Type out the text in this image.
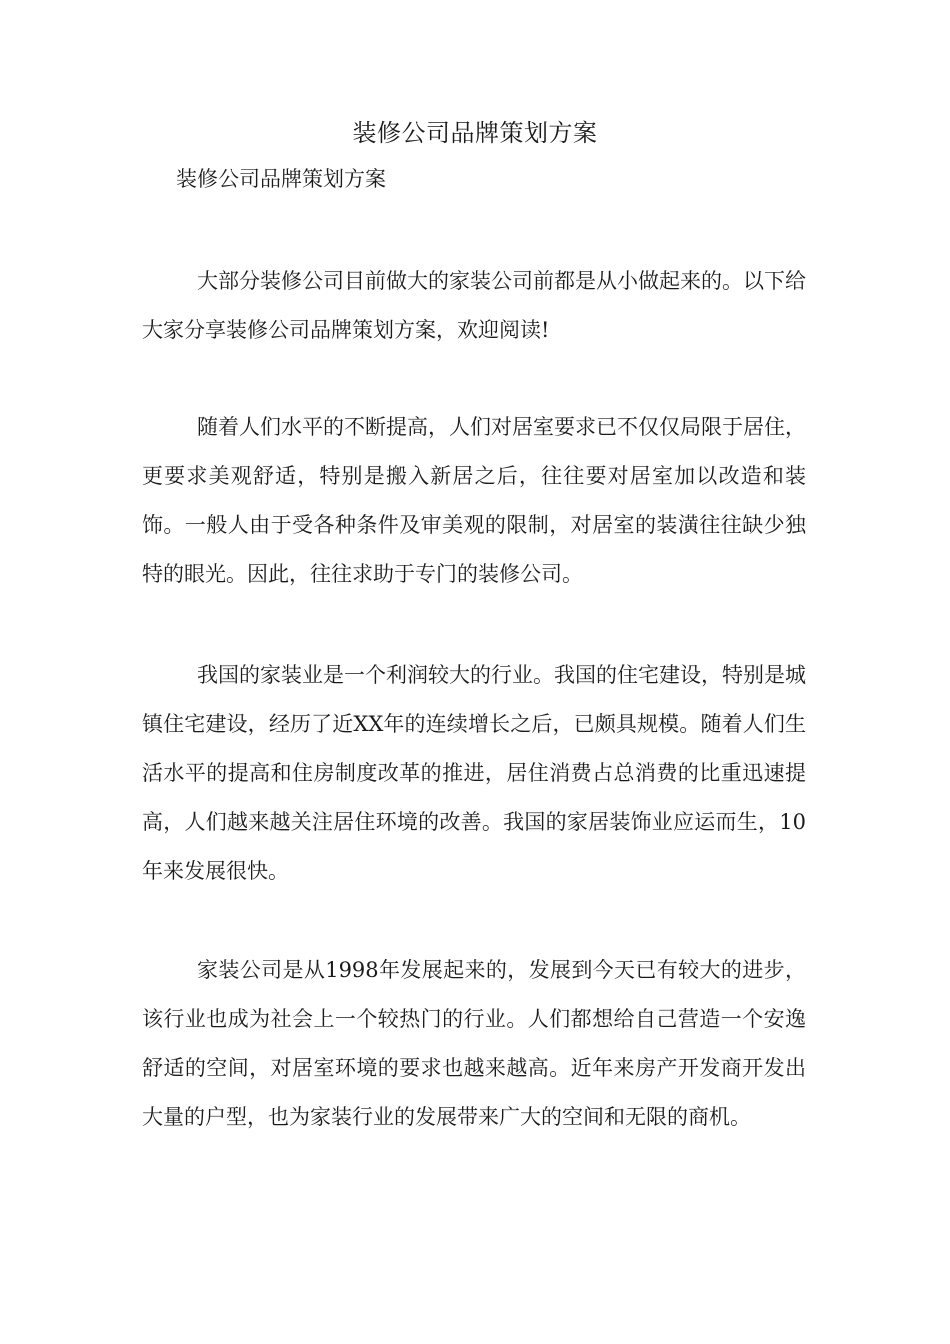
装修公司品牌策划方案
装修公司品牌策划方案

大部分装修公司目前做大的家装公司前都是从小做起来的。以下给大家分享装修公司品牌策划方案，欢迎阅读!

随着人们水平的不断提高，人们对居室要求已不仅仅局限于居住，更要求美观舒适，特别是搬入新居之后，往往要对居室加以改造和装饰。一般人由于受各种条件及审美观的限制，对居室的装潢往往缺少独特的眼光。因此，往往求助于专门的装修公司。

我国的家装业是一个利润较大的行业。我国的住宅建设，特别是城镇住宅建设，经历了近XX年的连续增长之后，已颇具规模。随着人们生活水平的提高和住房制度改革的推进，居住消费占总消费的比重迅速提高，人们越来越关注居住环境的改善。我国的家居装饰业应运而生，10年来发展很快。

家装公司是从1998年发展起来的，发展到今天已有较大的进步，该行业也成为社会上一个较热门的行业。人们都想给自己营造一个安逸舒适的空间，对居室环境的要求也越来越高。近年来房产开发商开发出大量的户型，也为家装行业的发展带来广大的空间和无限的商机。
